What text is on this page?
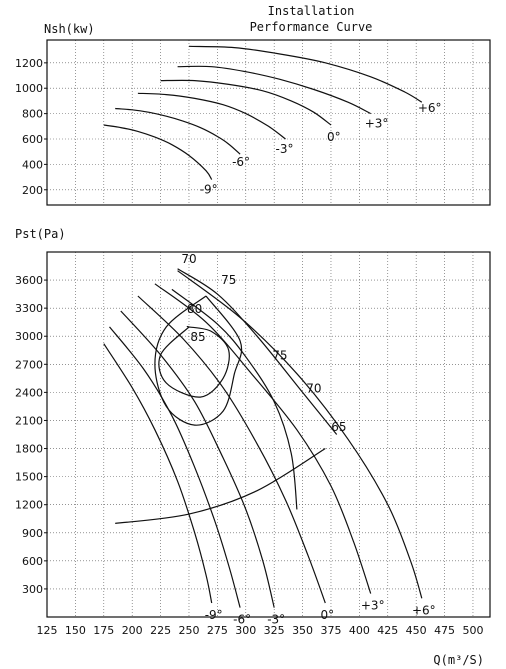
Installation
Performance Curve
Nsh(kw)
200
400
600
800
1000
1200
-9°
-6°
-3°
0°
+3°
+6°
Pst(Pa)
125 150 175 200 225 250 275 300 325 350 375 400 425 450 475 500
300
600
900
1200
1500
1800
2100
2400
2700
3000
3300
3600
-9° -6° -3°	0°
+3° +6°
70
75
80
85
65
75
70
Q(m³/S)
